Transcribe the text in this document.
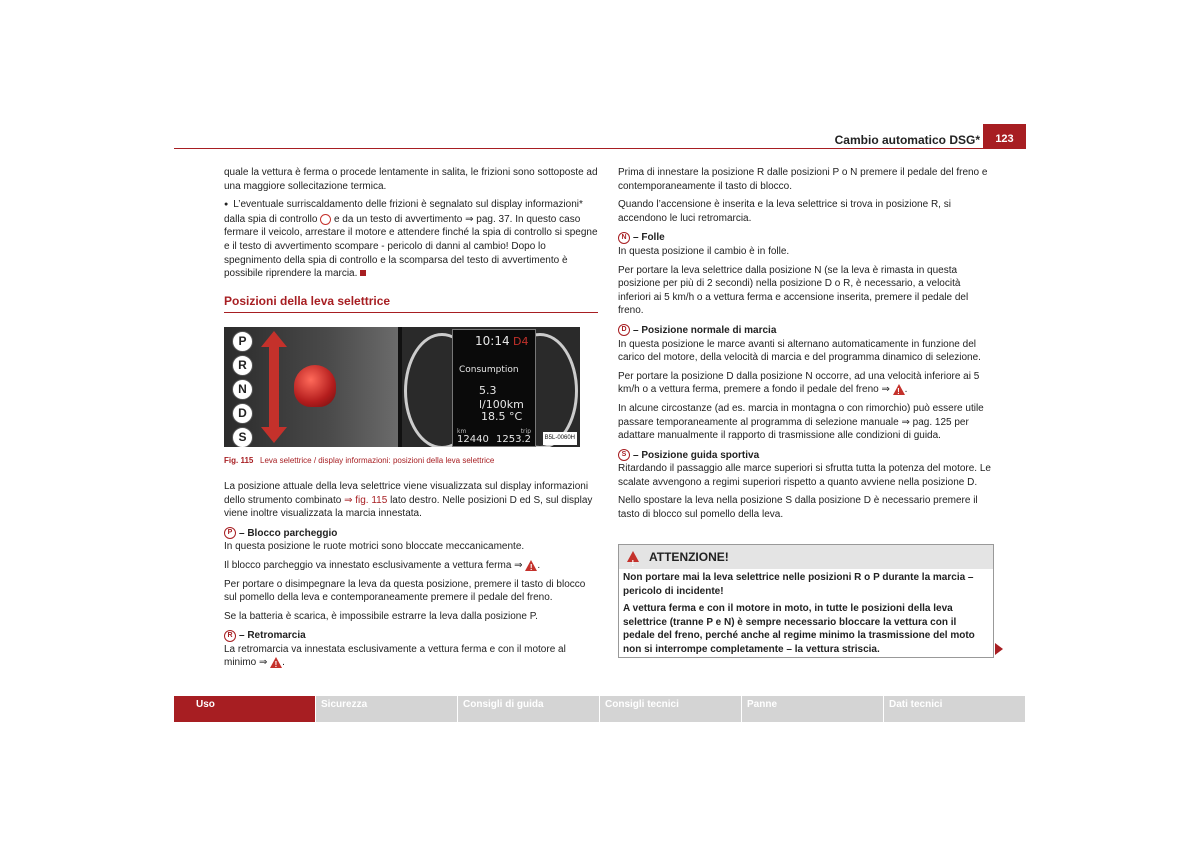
Cambio automatico DSG*	123

quale la vettura è ferma o procede lentamente in salita, le frizioni sono sottoposte ad una maggiore sollecitazione termica.

● L’eventuale surriscaldamento delle frizioni è segnalato sul display informazioni* dalla spia di controllo e da un testo di avvertimento ⇒ pag. 37. In questo caso fermare il veicolo, arrestare il motore e attendere finché la spia di controllo si spegne e il testo di avvertimento scompare - pericolo di danni al cambio! Dopo lo spegnimento della spia di controllo e la scomparsa del testo di avvertimento è possibile riprendere la marcia.

Posizioni della leva selettrice
P
R
N
D
S
10:14 D4
Consumption
5.3 l/100km
18.5 °C
km	trip
12440 1253.2	B5L-0060H
Fig. 115 Leva selettrice / display informazioni: posizioni della leva selettrice

La posizione attuale della leva selettrice viene visualizzata sul display informazioni dello strumento combinato ⇒ fig. 115 lato destro. Nelle posizioni D ed S, sul display viene inoltre visualizzata la marcia innestata.

P – Blocco parcheggio

In questa posizione le ruote motrici sono bloccate meccanicamente.

Il blocco parcheggio va innestato esclusivamente a vettura ferma ⇒ ! .

Per portare o disimpegnare la leva da questa posizione, premere il tasto di blocco sul pomello della leva e contemporaneamente premere il pedale del freno.

Se la batteria è scarica, è impossibile estrarre la leva dalla posizione P.

R – Retromarcia

La retromarcia va innestata esclusivamente a vettura ferma e con il motore al minimo ⇒ ! .

Prima di innestare la posizione R dalle posizioni P o N premere il pedale del freno e contemporaneamente il tasto di blocco.

Quando l’accensione è inserita e la leva selettrice si trova in posizione R, si accendono le luci retromarcia.

N – Folle

In questa posizione il cambio è in folle.

Per portare la leva selettrice dalla posizione N (se la leva è rimasta in questa posizione per più di 2 secondi) nella posizione D o R, è necessario, a velocità inferiori ai 5 km/h o a vettura ferma e accensione inserita, premere il pedale del freno.

D – Posizione normale di marcia

In questa posizione le marce avanti si alternano automaticamente in funzione del carico del motore, della velocità di marcia e del programma dinamico di selezione.

Per portare la posizione D dalla posizione N occorre, ad una velocità inferiore ai 5 km/h o a vettura ferma, premere a fondo il pedale del freno ⇒ ! .

In alcune circostanze (ad es. marcia in montagna o con rimorchio) può essere utile passare temporaneamente al programma di selezione manuale ⇒ pag. 125 per adattare manualmente il rapporto di trasmissione alle condizioni di guida.

S – Posizione guida sportiva

Ritardando il passaggio alle marce superiori si sfrutta tutta la potenza del motore. Le scalate avvengono a regimi superiori rispetto a quanto avviene nella posizione D.

Nello spostare la leva nella posizione S dalla posizione D è necessario premere il tasto di blocco sul pomello della leva.

!
ATTENZIONE!

Non portare mai la leva selettrice nelle posizioni R o P durante la marcia – pericolo di incidente!

A vettura ferma e con il motore in moto, in tutte le posizioni della leva selettrice (tranne P e N) è sempre necessario bloccare la vettura con il pedale del freno, perché anche al regime minimo la trasmissione del moto non si interrompe completamente – la vettura striscia.

Uso	Sicurezza	Consigli di guida	Consigli tecnici	Panne	Dati tecnici
